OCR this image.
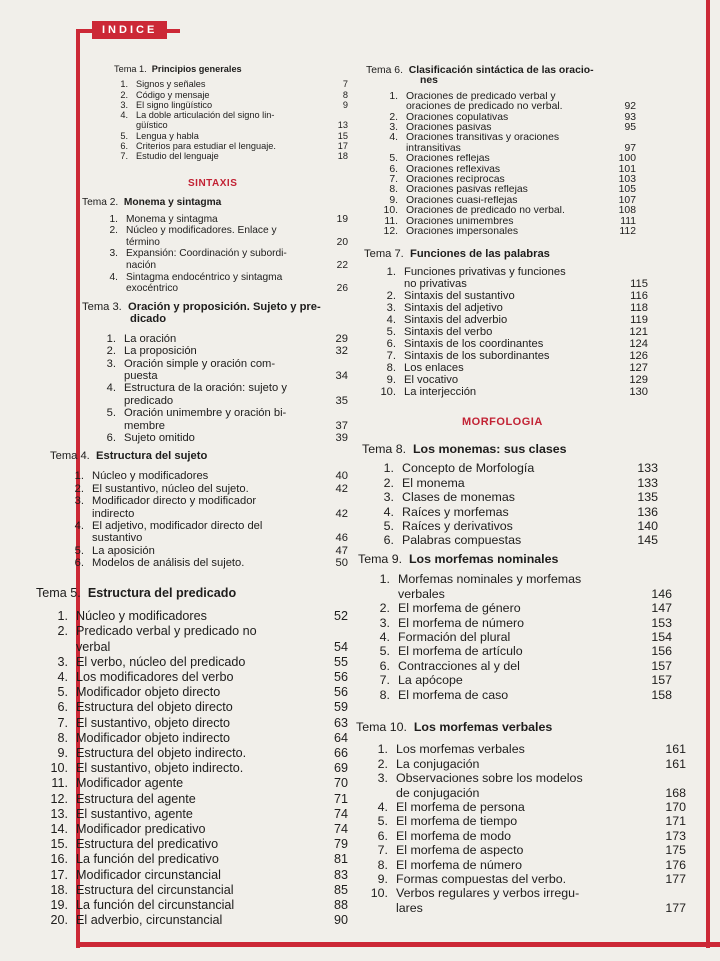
INDICE
Tema 1. Principios generales
1. Signos y señales	7
2. Código y mensaje	8
3. El signo lingüístico	9
4. La doble articulación del signo lin-
güístico	13
5. Lengua y habla	15
6. Criterios para estudiar el lenguaje.	17
7. Estudio del lenguaje	18
SINTAXIS
Tema 2. Monema y sintagma
1. Monema y sintagma	19
2. Núcleo y modificadores. Enlace y
término	20
3. Expansión: Coordinación y subordi-
nación	22
4. Sintagma endocéntrico y sintagma
exocéntrico	26
Tema 3. Oración y proposición. Sujeto y pre-
dicado
1. La oración	29
2. La proposición	32
3. Oración simple y oración com-
puesta	34
4. Estructura de la oración: sujeto y
predicado	35
5. Oración unimembre y oración bi-
membre	37
6. Sujeto omitido	39
Tema 4. Estructura del sujeto
1. Núcleo y modificadores	40
2. El sustantivo, núcleo del sujeto.	42
3. Modificador directo y modificador
indirecto	42
4. El adjetivo, modificador directo del
sustantivo	46
5. La aposición	47
6. Modelos de análisis del sujeto.	50
Tema 5. Estructura del predicado
1. Núcleo y modificadores	52
2. Predicado verbal y predicado no
verbal	54
3. El verbo, núcleo del predicado	55
4. Los modificadores del verbo	56
5. Modificador objeto directo	56
6. Estructura del objeto directo	59
7. El sustantivo, objeto directo	63
8. Modificador objeto indirecto	64
9. Estructura del objeto indirecto.	66
10. El sustantivo, objeto indirecto.	69
11. Modificador agente	70
12. Estructura del agente	71
13. El sustantivo, agente	74
14. Modificador predicativo	74
15. Estructura del predicativo	79
16. La función del predicativo	81
17. Modificador circunstancial	83
18. Estructura del circunstancial	85
19. La función del circunstancial	88
20. El adverbio, circunstancial	90
Tema 6. Clasificación sintáctica de las oracio-
nes
1. Oraciones de predicado verbal y
oraciones de predicado no verbal.	92
2. Oraciones copulativas	93
3. Oraciones pasivas	95
4. Oraciones transitivas y oraciones
intransitivas	97
5. Oraciones reflejas	100
6. Oraciones reflexivas	101
7. Oraciones recíprocas	103
8. Oraciones pasivas reflejas	105
9. Oraciones cuasi-reflejas	107
10. Oraciones de predicado no verbal.	108
11. Oraciones unimembres	111
12. Oraciones impersonales	112
Tema 7. Funciones de las palabras
1. Funciones privativas y funciones
no privativas	115
2. Sintaxis del sustantivo	116
3. Sintaxis del adjetivo	118
4. Sintaxis del adverbio	119
5. Sintaxis del verbo	121
6. Sintaxis de los coordinantes	124
7. Sintaxis de los subordinantes	126
8. Los enlaces	127
9. El vocativo	129
10. La interjección	130
MORFOLOGIA
Tema 8. Los monemas: sus clases
1. Concepto de Morfología	133
2. El monema	133
3. Clases de monemas	135
4. Raíces y morfemas	136
5. Raíces y derivativos	140
6. Palabras compuestas	145
Tema 9. Los morfemas nominales
1. Morfemas nominales y morfemas
verbales	146
2. El morfema de género	147
3. El morfema de número	153
4. Formación del plural	154
5. El morfema de artículo	156
6. Contracciones al y del	157
7. La apócope	157
8. El morfema de caso	158
Tema 10. Los morfemas verbales
1. Los morfemas verbales	161
2. La conjugación	161
3. Observaciones sobre los modelos
de conjugación	168
4. El morfema de persona	170
5. El morfema de tiempo	171
6. El morfema de modo	173
7. El morfema de aspecto	175
8. El morfema de número	176
9. Formas compuestas del verbo.	177
10. Verbos regulares y verbos irregu-
lares	177
